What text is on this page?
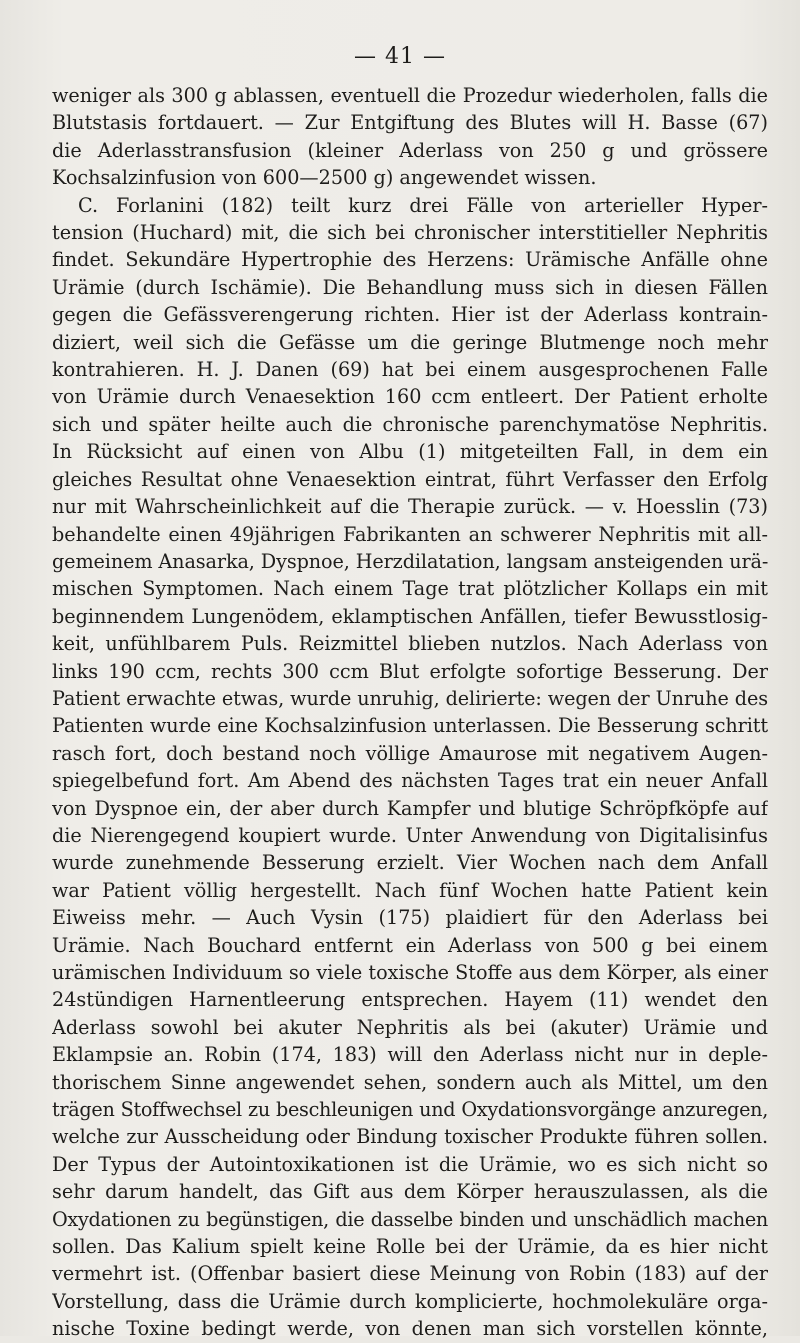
— 41 —
weniger als 300 g ablassen, eventuell die Prozedur wiederholen, falls die
Blutstasis fortdauert. — Zur Entgiftung des Blutes will H. Basse (67)
die Aderlasstransfusion (kleiner Aderlass von 250 g und grössere
Kochsalzinfusion von 600—2500 g) angewendet wissen.
C. Forlanini (182) teilt kurz drei Fälle von arterieller Hyper-
tension (Huchard) mit, die sich bei chronischer interstitieller Nephritis
findet. Sekundäre Hypertrophie des Herzens: Urämische Anfälle ohne
Urämie (durch Ischämie). Die Behandlung muss sich in diesen Fällen
gegen die Gefässverengerung richten. Hier ist der Aderlass kontrain-
diziert, weil sich die Gefässe um die geringe Blutmenge noch mehr
kontrahieren. H. J. Danen (69) hat bei einem ausgesprochenen Falle
von Urämie durch Venaesektion 160 ccm entleert. Der Patient erholte
sich und später heilte auch die chronische parenchymatöse Nephritis.
In Rücksicht auf einen von Albu (1) mitgeteilten Fall, in dem ein
gleiches Resultat ohne Venaesektion eintrat, führt Verfasser den Erfolg
nur mit Wahrscheinlichkeit auf die Therapie zurück. — v. Hoesslin (73)
behandelte einen 49jährigen Fabrikanten an schwerer Nephritis mit all-
gemeinem Anasarka, Dyspnoe, Herzdilatation, langsam ansteigenden urä-
mischen Symptomen. Nach einem Tage trat plötzlicher Kollaps ein mit
beginnendem Lungenödem, eklamptischen Anfällen, tiefer Bewusstlosig-
keit, unfühlbarem Puls. Reizmittel blieben nutzlos. Nach Aderlass von
links 190 ccm, rechts 300 ccm Blut erfolgte sofortige Besserung. Der
Patient erwachte etwas, wurde unruhig, delirierte: wegen der Unruhe des
Patienten wurde eine Kochsalzinfusion unterlassen. Die Besserung schritt
rasch fort, doch bestand noch völlige Amaurose mit negativem Augen-
spiegelbefund fort. Am Abend des nächsten Tages trat ein neuer Anfall
von Dyspnoe ein, der aber durch Kampfer und blutige Schröpfköpfe auf
die Nierengegend koupiert wurde. Unter Anwendung von Digitalisinfus
wurde zunehmende Besserung erzielt. Vier Wochen nach dem Anfall
war Patient völlig hergestellt. Nach fünf Wochen hatte Patient kein
Eiweiss mehr. — Auch Vysin (175) plaidiert für den Aderlass bei
Urämie. Nach Bouchard entfernt ein Aderlass von 500 g bei einem
urämischen Individuum so viele toxische Stoffe aus dem Körper, als einer
24stündigen Harnentleerung entsprechen. Hayem (11) wendet den
Aderlass sowohl bei akuter Nephritis als bei (akuter) Urämie und
Eklampsie an. Robin (174, 183) will den Aderlass nicht nur in deple-
thorischem Sinne angewendet sehen, sondern auch als Mittel, um den
trägen Stoffwechsel zu beschleunigen und Oxydationsvorgänge anzuregen,
welche zur Ausscheidung oder Bindung toxischer Produkte führen sollen.
Der Typus der Autointoxikationen ist die Urämie, wo es sich nicht so
sehr darum handelt, das Gift aus dem Körper herauszulassen, als die
Oxydationen zu begünstigen, die dasselbe binden und unschädlich machen
sollen. Das Kalium spielt keine Rolle bei der Urämie, da es hier nicht
vermehrt ist. (Offenbar basiert diese Meinung von Robin (183) auf der
Vorstellung, dass die Urämie durch komplicierte, hochmolekuläre orga-
nische Toxine bedingt werde, von denen man sich vorstellen könnte,
